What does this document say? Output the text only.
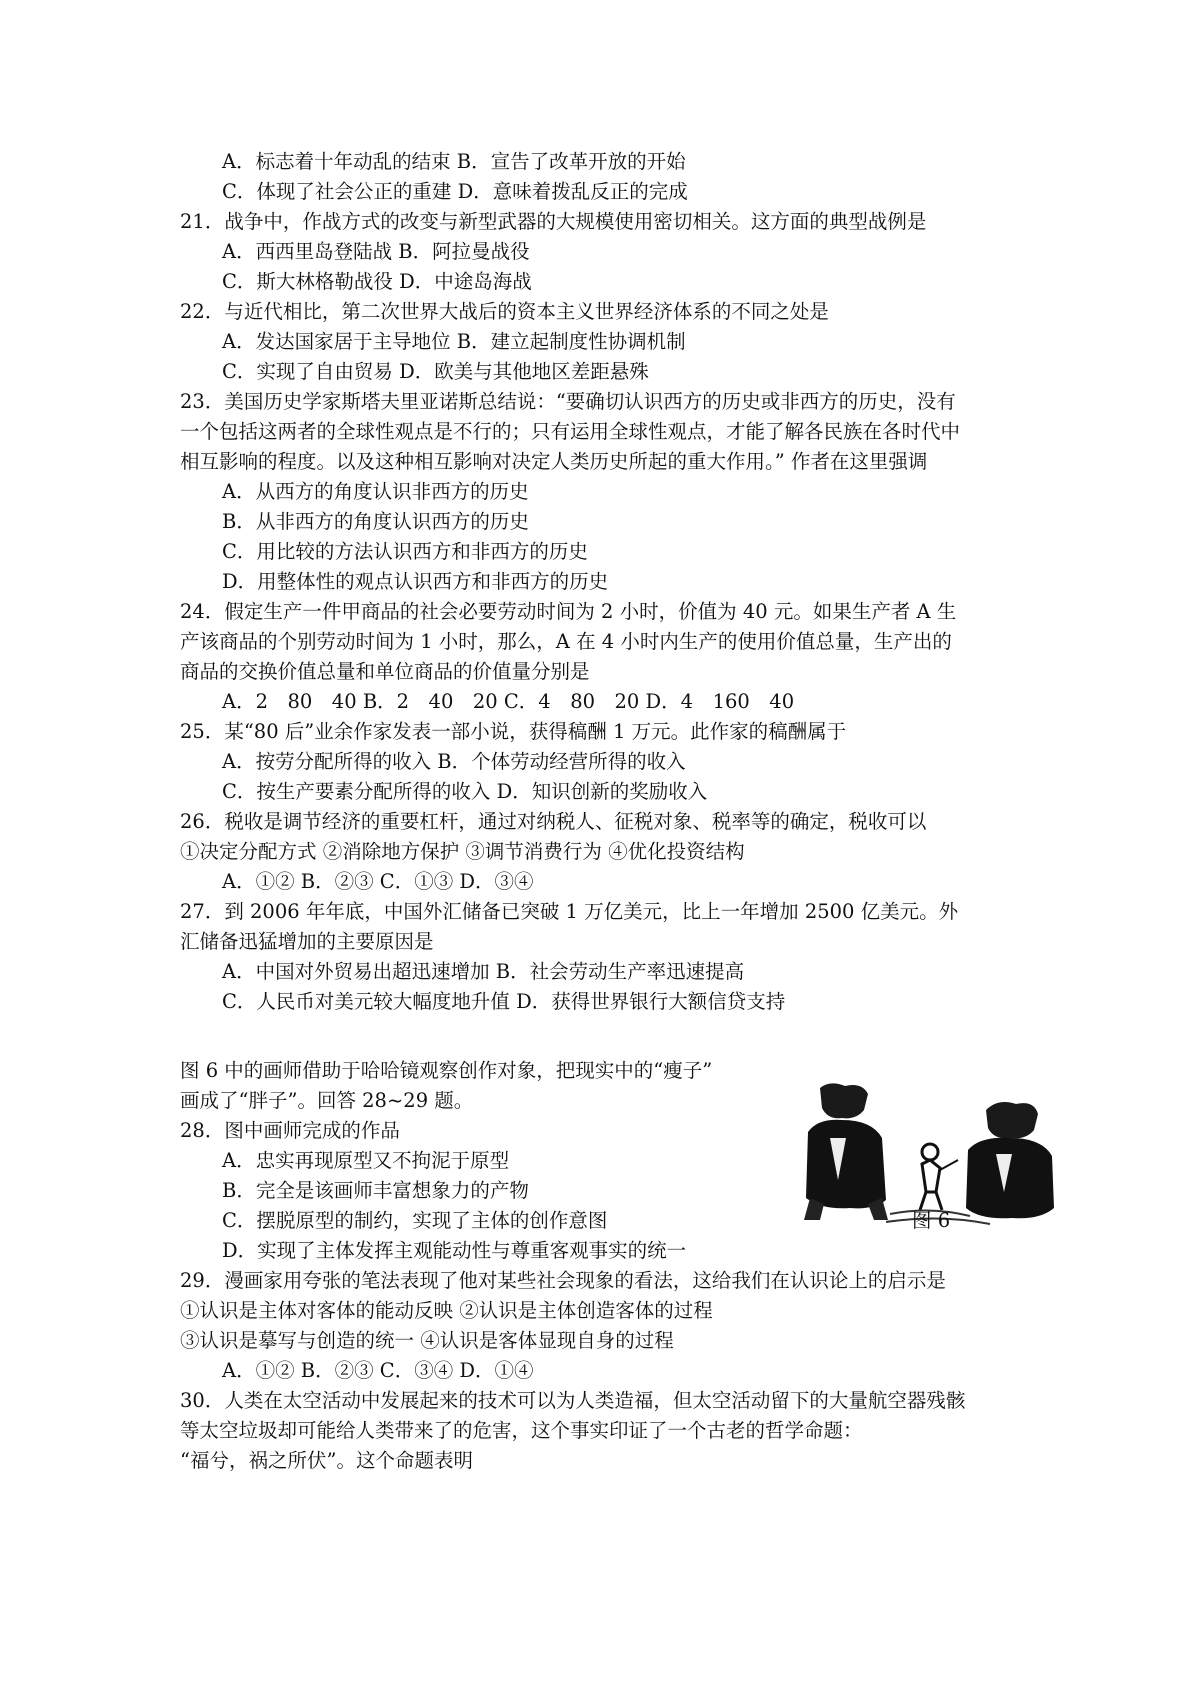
A．标志着十年动乱的结束 B．宣告了改革开放的开始
C．体现了社会公正的重建 D．意味着拨乱反正的完成
21．战争中，作战方式的改变与新型武器的大规模使用密切相关。这方面的典型战例是
A．西西里岛登陆战 B．阿拉曼战役
C．斯大林格勒战役 D．中途岛海战
22．与近代相比，第二次世界大战后的资本主义世界经济体系的不同之处是
A．发达国家居于主导地位 B．建立起制度性协调机制
C．实现了自由贸易 D．欧美与其他地区差距悬殊
23．美国历史学家斯塔夫里亚诺斯总结说：“要确切认识西方的历史或非西方的历史，没有
一个包括这两者的全球性观点是不行的；只有运用全球性观点，才能了解各民族在各时代中
相互影响的程度。以及这种相互影响对决定人类历史所起的重大作用。” 作者在这里强调
A．从西方的角度认识非西方的历史
B．从非西方的角度认识西方的历史
C．用比较的方法认识西方和非西方的历史
D．用整体性的观点认识西方和非西方的历史
24．假定生产一件甲商品的社会必要劳动时间为 2 小时，价值为 40 元。如果生产者 A 生
产该商品的个别劳动时间为 1 小时，那么，A 在 4 小时内生产的使用价值总量，生产出的
商品的交换价值总量和单位商品的价值量分别是
A．2　80　40 B．2　40　20 C．4　80　20 D．4　160　40
25．某“80 后”业余作家发表一部小说，获得稿酬 1 万元。此作家的稿酬属于
A．按劳分配所得的收入 B．个体劳动经营所得的收入
C．按生产要素分配所得的收入 D．知识创新的奖励收入
26．税收是调节经济的重要杠杆，通过对纳税人、征税对象、税率等的确定，税收可以
①决定分配方式 ②消除地方保护 ③调节消费行为 ④优化投资结构
A．①② B．②③ C．①③ D．③④
27．到 2006 年年底，中国外汇储备已突破 1 万亿美元，比上一年增加 2500 亿美元。外
汇储备迅猛增加的主要原因是
A．中国对外贸易出超迅速增加 B．社会劳动生产率迅速提高
C．人民币对美元较大幅度地升值 D．获得世界银行大额信贷支持
图 6 中的画师借助于哈哈镜观察创作对象，把现实中的“瘦子”
画成了“胖子”。回答 28~29 题。
28．图中画师完成的作品
A．忠实再现原型又不拘泥于原型
B．完全是该画师丰富想象力的产物
C．摆脱原型的制约，实现了主体的创作意图
D．实现了主体发挥主观能动性与尊重客观事实的统一
29．漫画家用夸张的笔法表现了他对某些社会现象的看法，这给我们在认识论上的启示是
①认识是主体对客体的能动反映 ②认识是主体创造客体的过程
③认识是摹写与创造的统一 ④认识是客体显现自身的过程
A．①② B．②③ C．③④ D．①④
30．人类在太空活动中发展起来的技术可以为人类造福，但太空活动留下的大量航空器残骸
等太空垃圾却可能给人类带来了的危害，这个事实印证了一个古老的哲学命题：
“福兮，祸之所伏”。这个命题表明
图 6
